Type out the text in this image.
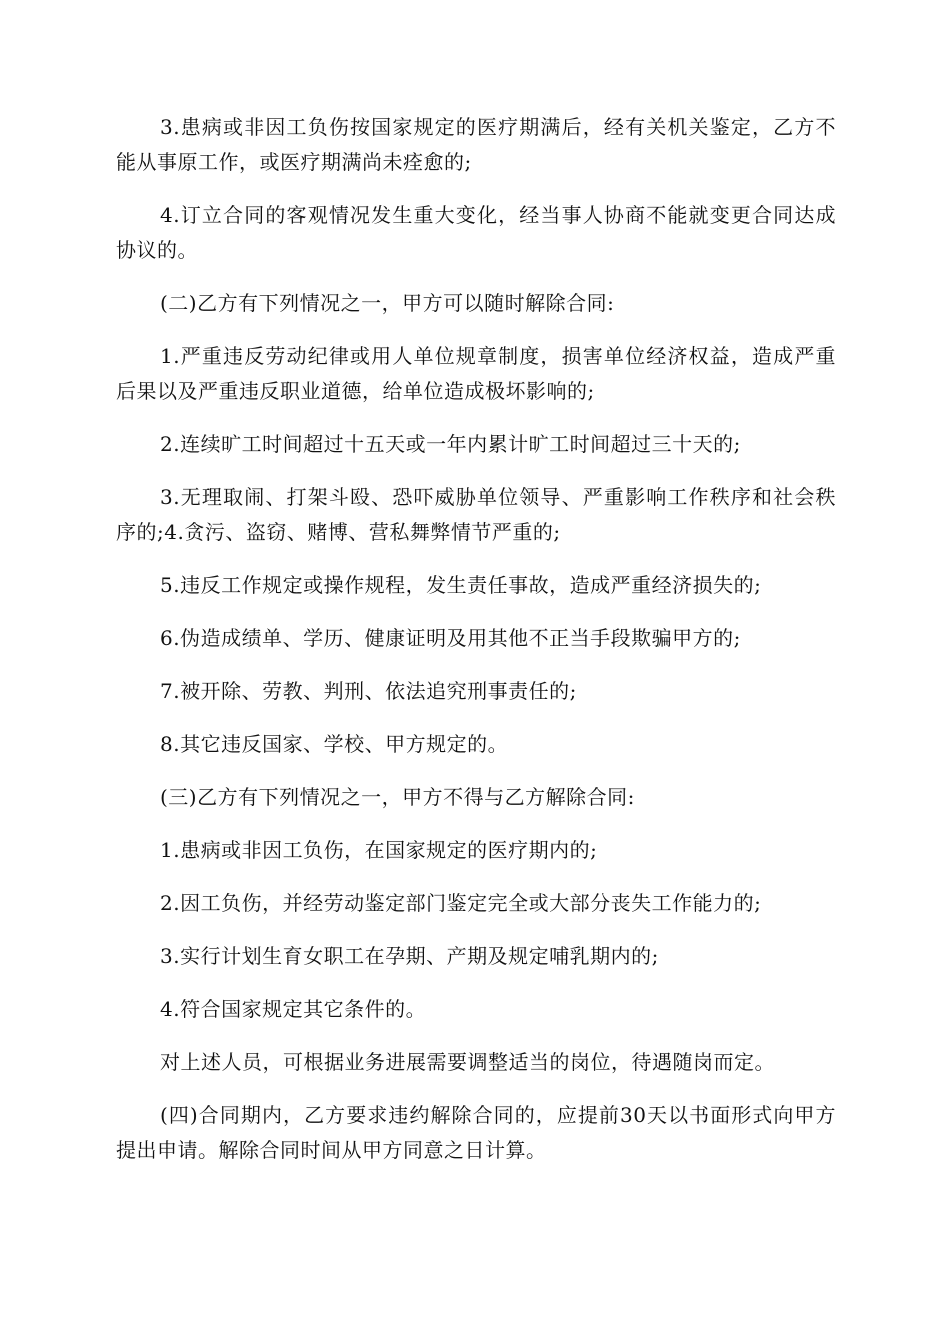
3.患病或非因工负伤按国家规定的医疗期满后，经有关机关鉴定，乙方不能从事原工作，或医疗期满尚未痊愈的;

4.订立合同的客观情况发生重大变化，经当事人协商不能就变更合同达成协议的。

(二)乙方有下列情况之一，甲方可以随时解除合同:

1.严重违反劳动纪律或用人单位规章制度，损害单位经济权益，造成严重后果以及严重违反职业道德，给单位造成极坏影响的;

2.连续旷工时间超过十五天或一年内累计旷工时间超过三十天的;

3.无理取闹、打架斗殴、恐吓威胁单位领导、严重影响工作秩序和社会秩序的;4.贪污、盗窃、赌博、营私舞弊情节严重的;

5.违反工作规定或操作规程，发生责任事故，造成严重经济损失的;

6.伪造成绩单、学历、健康证明及用其他不正当手段欺骗甲方的;

7.被开除、劳教、判刑、依法追究刑事责任的;

8.其它违反国家、学校、甲方规定的。

(三)乙方有下列情况之一，甲方不得与乙方解除合同:

1.患病或非因工负伤，在国家规定的医疗期内的;

2.因工负伤，并经劳动鉴定部门鉴定完全或大部分丧失工作能力的;

3.实行计划生育女职工在孕期、产期及规定哺乳期内的;

4.符合国家规定其它条件的。

对上述人员，可根据业务进展需要调整适当的岗位，待遇随岗而定。

(四)合同期内，乙方要求违约解除合同的，应提前30天以书面形式向甲方提出申请。解除合同时间从甲方同意之日计算。
